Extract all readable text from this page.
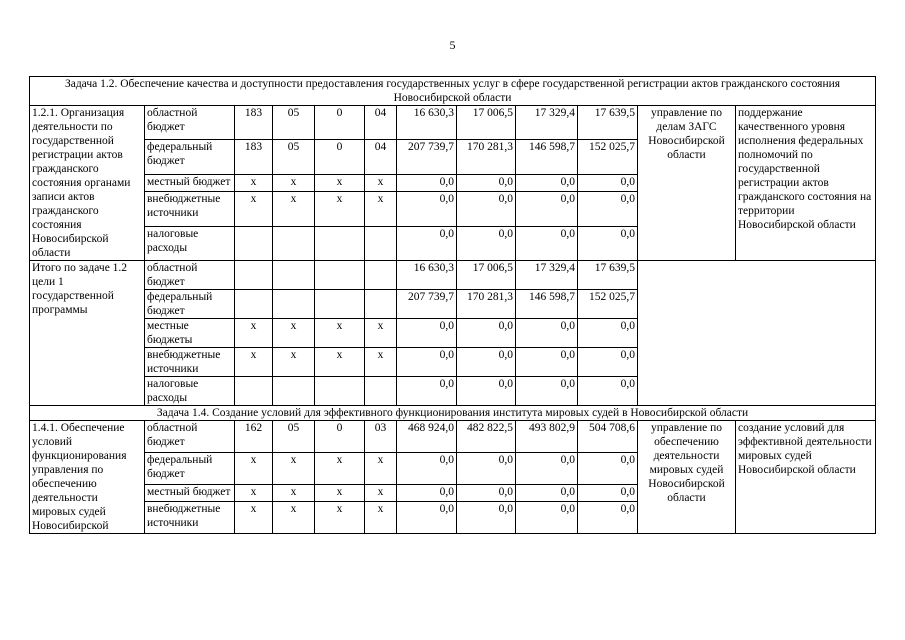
5
Задача 1.2. Обеспечение качества и доступности предоставления государственных услуг в сфере государственной регистрации актов гражданского состояния Новосибирской области											
1.2.1. Организация деятельности по государственной регистрации актов гражданского состояния органами записи актов гражданского состояния Новосибирской области	областной бюджет	183	05	0	04	16 630,3	17 006,5	17 329,4	17 639,5	управление по делам ЗАГС Новосибирской области	поддержание качественного уровня исполнения федеральных полномочий по государственной регистрации актов гражданского состояния на территории Новосибирской области
	федеральный бюджет	183	05	0	04	207 739,7	170 281,3	146 598,7	152 025,7		
	местный бюджет	x	x	x	x	0,0	0,0	0,0	0,0		
	внебюджетные источники	x	x	x	x	0,0	0,0	0,0	0,0		
	налоговые расходы					0,0	0,0	0,0	0,0		
Итого по задаче 1.2 цели 1 государственной программы	областной бюджет					16 630,3	17 006,5	17 329,4	17 639,5		
	федеральный бюджет					207 739,7	170 281,3	146 598,7	152 025,7		
	местные бюджеты	x	x	x	x	0,0	0,0	0,0	0,0		
	внебюджетные источники	x	x	x	x	0,0	0,0	0,0	0,0		
	налоговые расходы					0,0	0,0	0,0	0,0		
Задача 1.4. Создание условий для эффективного функционирования института мировых судей в Новосибирской области											
1.4.1. Обеспечение условий функционирования управления по обеспечению деятельности мировых судей Новосибирской	областной бюджет	162	05	0	03	468 924,0	482 822,5	493 802,9	504 708,6	управление по обеспечению деятельности мировых судей Новосибирской области	создание условий для эффективной деятельности мировых судей Новосибирской области
	федеральный бюджет	x	x	x	x	0,0	0,0	0,0	0,0		
	местный бюджет	x	x	x	x	0,0	0,0	0,0	0,0		
	внебюджетные источники	x	x	x	x	0,0	0,0	0,0	0,0		
